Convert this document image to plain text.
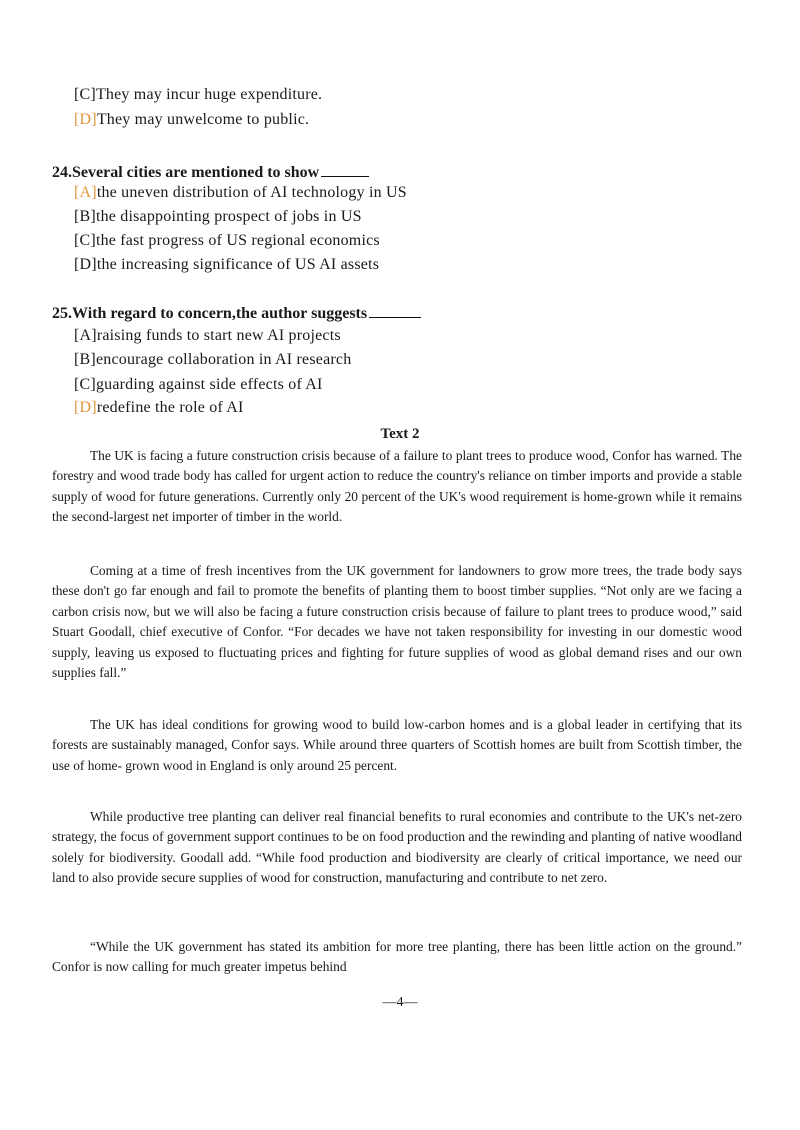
[C]They may incur huge expenditure.
[D]They may unwelcome to public.
24.Several cities are mentioned to show
[A]the uneven distribution of AI technology in US
[B]the disappointing prospect of jobs in US
[C]the fast progress of US regional economics
[D]the increasing significance of US AI assets
25.With regard to concern,the author suggests
[A]raising funds to start new AI projects
[B]encourage collaboration in AI research
[C]guarding against side effects of AI
[D]redefine the role of AI
Text 2

The UK is facing a future construction crisis because of a failure to plant trees to produce wood, Confor has warned. The forestry and wood trade body has called for urgent action to reduce the country's reliance on timber imports and provide a stable supply of wood for future generations. Currently only 20 percent of the UK's wood requirement is home-grown while it remains the second-largest net importer of timber in the world.

Coming at a time of fresh incentives from the UK government for landowners to grow more trees, the trade body says these don't go far enough and fail to promote the benefits of planting them to boost timber supplies. “Not only are we facing a carbon crisis now, but we will also be facing a future construction crisis because of failure to plant trees to produce wood,” said Stuart Goodall, chief executive of Confor. “For decades we have not taken responsibility for investing in our domestic wood supply, leaving us exposed to fluctuating prices and fighting for future supplies of wood as global demand rises and our own supplies fall.”

The UK has ideal conditions for growing wood to build low-carbon homes and is a global leader in certifying that its forests are sustainably managed, Confor says. While around three quarters of Scottish homes are built from Scottish timber, the use of home- grown wood in England is only around 25 percent.

While productive tree planting can deliver real financial benefits to rural economies and contribute to the UK's net-zero strategy, the focus of government support continues to be on food production and the rewinding and planting of native woodland solely for biodiversity. Goodall add. “While food production and biodiversity are clearly of critical importance, we need our land to also provide secure supplies of wood for construction, manufacturing and contribute to net zero.

“While the UK government has stated its ambition for more tree planting, there has been little action on the ground.” Confor is now calling for much greater impetus behind

—4—
